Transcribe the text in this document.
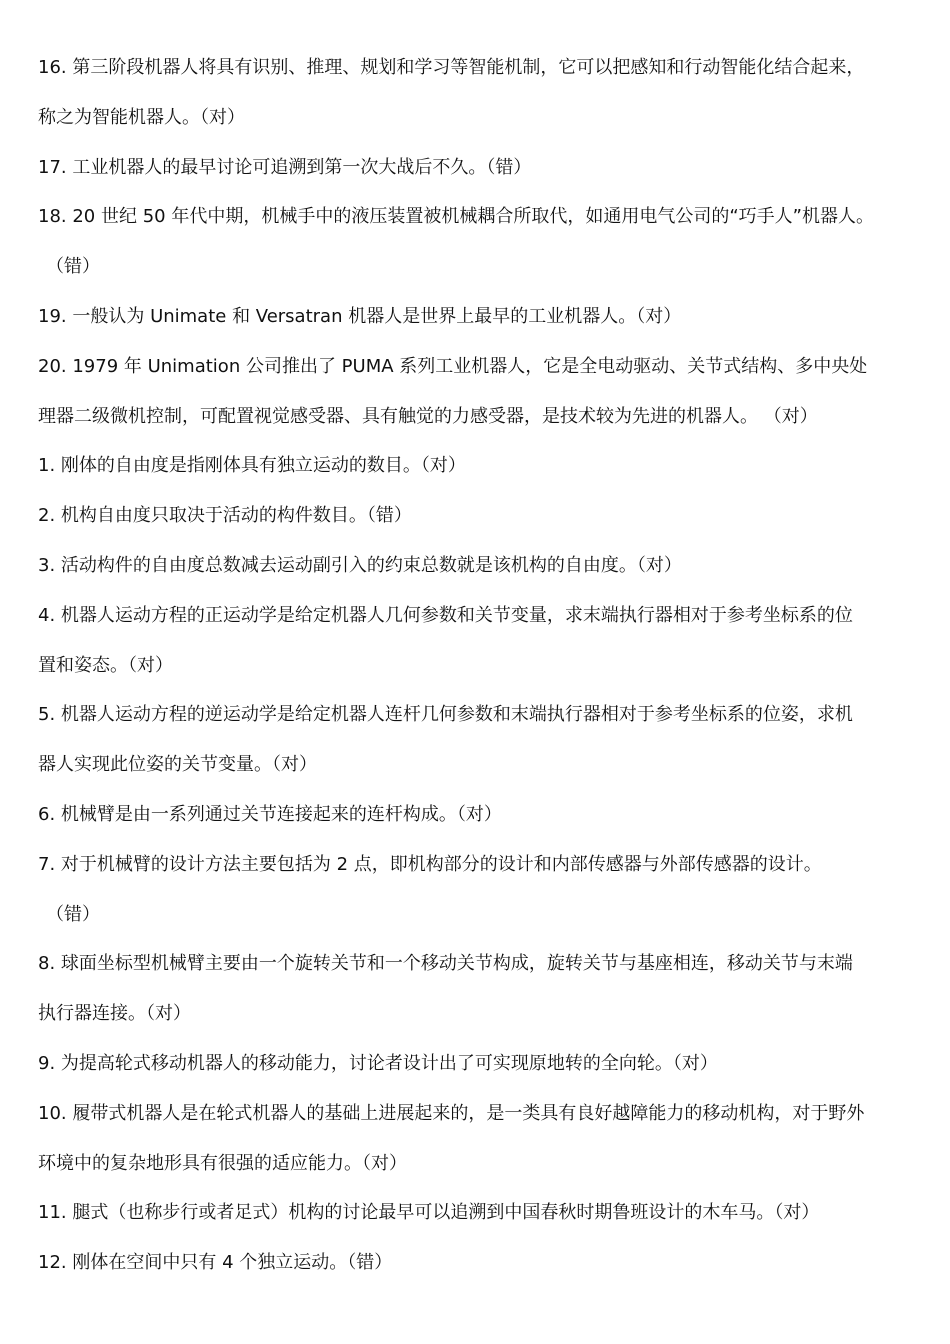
16. 第三阶段机器人将具有识别、推理、规划和学习等智能机制，它可以把感知和行动智能化结合起来，
称之为智能机器人。（对）
17. 工业机器人的最早讨论可追溯到第一次大战后不久。（错）
18. 20 世纪 50 年代中期，机械手中的液压装置被机械耦合所取代，如通用电气公司的“巧手人”机器人。
（错）
19. 一般认为 Unimate 和 Versatran 机器人是世界上最早的工业机器人。（对）
20. 1979 年 Unimation 公司推出了 PUMA 系列工业机器人，它是全电动驱动、关节式结构、多中央处
理器二级微机控制，可配置视觉感受器、具有触觉的力感受器，是技术较为先进的机器人。 （对）
1. 刚体的自由度是指刚体具有独立运动的数目。（对）
2. 机构自由度只取决于活动的构件数目。（错）
3. 活动构件的自由度总数减去运动副引入的约束总数就是该机构的自由度。（对）
4. 机器人运动方程的正运动学是给定机器人几何参数和关节变量，求末端执行器相对于参考坐标系的位
置和姿态。（对）
5. 机器人运动方程的逆运动学是给定机器人连杆几何参数和末端执行器相对于参考坐标系的位姿，求机
器人实现此位姿的关节变量。（对）
6. 机械臂是由一系列通过关节连接起来的连杆构成。（对）
7. 对于机械臂的设计方法主要包括为 2 点，即机构部分的设计和内部传感器与外部传感器的设计。
（错）
8. 球面坐标型机械臂主要由一个旋转关节和一个移动关节构成，旋转关节与基座相连，移动关节与末端
执行器连接。（对）
9. 为提高轮式移动机器人的移动能力，讨论者设计出了可实现原地转的全向轮。（对）
10. 履带式机器人是在轮式机器人的基础上进展起来的，是一类具有良好越障能力的移动机构，对于野外
环境中的复杂地形具有很强的适应能力。（对）
11. 腿式（也称步行或者足式）机构的讨论最早可以追溯到中国春秋时期鲁班设计的木车马。（对）
12. 刚体在空间中只有 4 个独立运动。（错）
